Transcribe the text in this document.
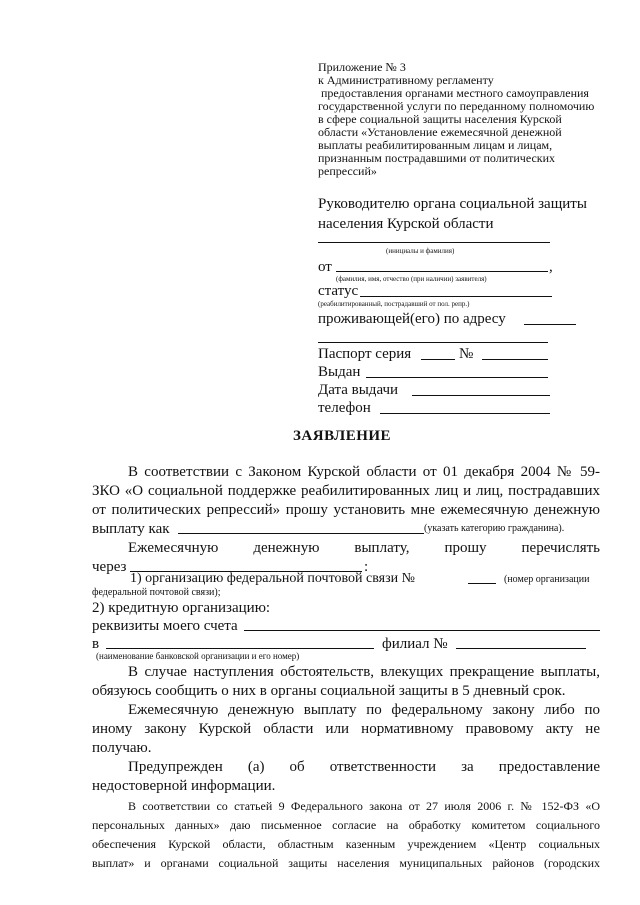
Приложение № 3
к Административному регламенту
предоставления органами местного самоуправления
государственной услуги по переданному полномочию
в сфере социальной защиты населения Курской
области «Установление ежемесячной денежной
выплаты реабилитированным лицам и лицам,
признанным пострадавшими от политических
репрессий»
Руководителю органа социальной защиты
населения Курской области
(инициалы и фамилия)
от	,
(фамилия, имя, отчество (при наличии) заявителя)
статус
(реабилитированный, пострадавший от пол. репр.)
проживающей(его) по адресу
Паспорт серия	№
Выдан
Дата выдачи
телефон
ЗАЯВЛЕНИЕ
В соответствии с Законом Курской области от 01 декабря 2004 № 59-
ЗКО «О социальной поддержке реабилитированных лиц и лиц, пострадавших
от политических репрессий» прошу установить мне ежемесячную денежную
выплату как	(указать категорию гражданина).
Ежемесячную денежную выплату, прошу перечислять
через	:
1) организацию федеральной почтовой связи №	(номер организации
федеральной почтовой связи);
2) кредитную организацию:
реквизиты моего счета
в	филиал №
(наименование банковской организации и его номер)
В случае наступления обстоятельств, влекущих прекращение выплаты,
обязуюсь сообщить о них в органы социальной защиты в 5 дневный срок.
Ежемесячную денежную выплату по федеральному закону либо по
иному закону Курской области или нормативному правовому акту не
получаю.
Предупрежден (а) об ответственности за предоставление
недостоверной информации.
В соответствии со статьей 9 Федерального закона от 27 июля 2006 г. № 152-ФЗ «О
персональных данных» даю письменное согласие на обработку комитетом социального
обеспечения Курской области, областным казенным учреждением «Центр социальных
выплат» и органами социальной защиты населения муниципальных районов (городских
